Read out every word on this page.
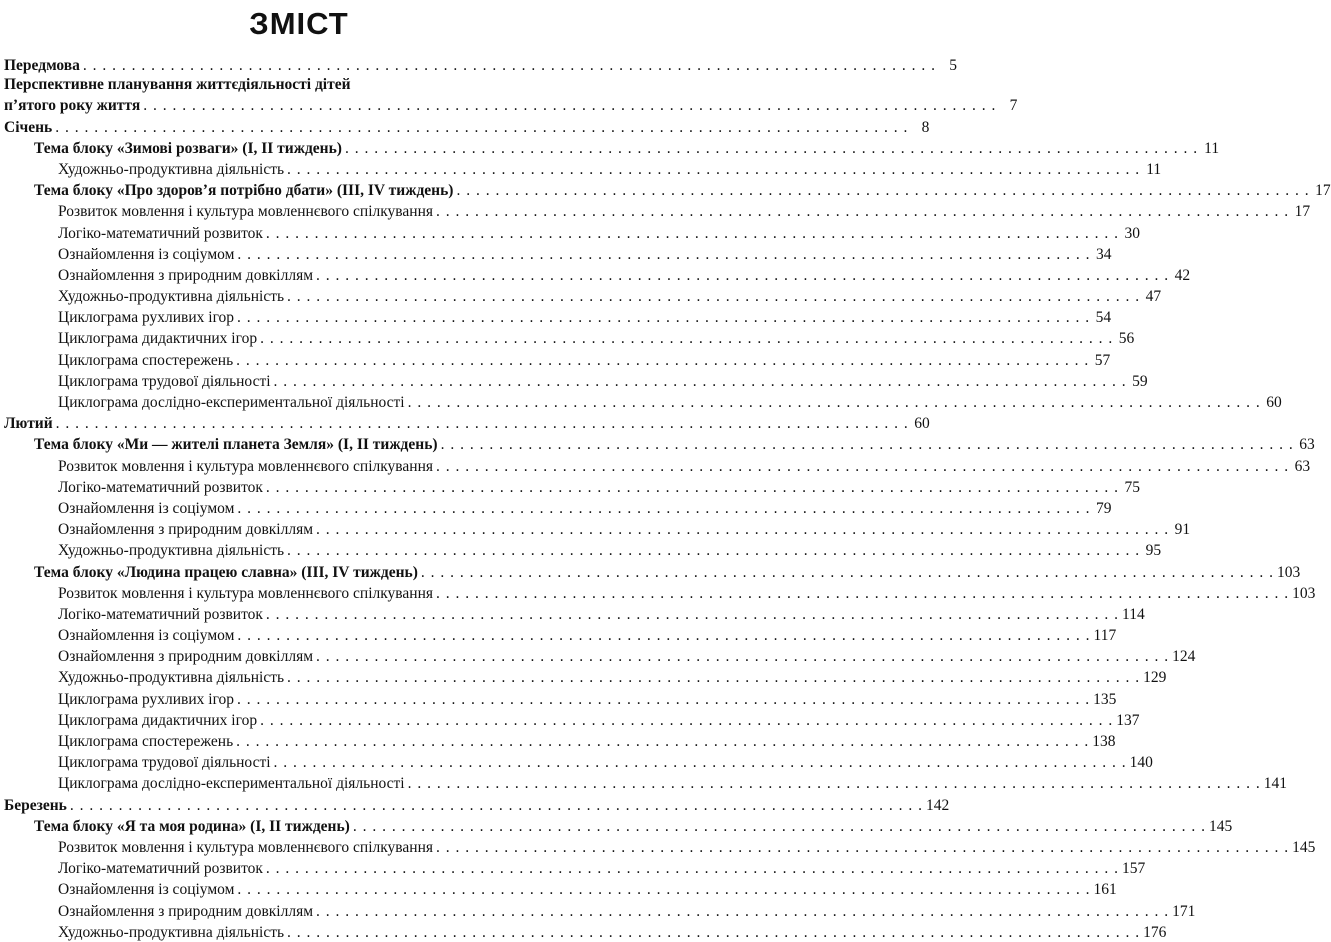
ЗМІСТ
Передмова . . .	5
Перспективне планування життєдіяльності дітей
п’ятого року життя . . .	7
Січень . . .	8
Тема блоку «Зимові розваги» (І, ІІ тиждень) . . .	11
Художньо-продуктивна діяльність . . .	11
Тема блоку «Про здоров’я потрібно дбати» (ІІІ, IV тиждень) . . .	17
Розвиток мовлення і культура мовленнєвого спілкування . . .	17
Логіко-математичний розвиток . . .	30
Ознайомлення із соціумом . . .	34
Ознайомлення з природним довкіллям . . .	42
Художньо-продуктивна діяльність . . .	47
Циклограма рухливих ігор . . .	54
Циклограма дидактичних ігор . . .	56
Циклограма спостережень . . .	57
Циклограма трудової діяльності . . .	59
Циклограма дослідно-експериментальної діяльності . . .	60
Лютий . . .	60
Тема блоку «Ми — жителі планета Земля» (І, ІІ тиждень) . . .	63
Розвиток мовлення і культура мовленнєвого спілкування . . .	63
Логіко-математичний розвиток . . .	75
Ознайомлення із соціумом . . .	79
Ознайомлення з природним довкіллям . . .	91
Художньо-продуктивна діяльність . . .	95
Тема блоку «Людина працею славна» (ІІІ, IV тиждень) . . .	103
Розвиток мовлення і культура мовленнєвого спілкування . . .	103
Логіко-математичний розвиток . . .	114
Ознайомлення із соціумом . . .	117
Ознайомлення з природним довкіллям . . .	124
Художньо-продуктивна діяльність . . .	129
Циклограма рухливих ігор . . .	135
Циклограма дидактичних ігор . . .	137
Циклограма спостережень . . .	138
Циклограма трудової діяльності . . .	140
Циклограма дослідно-експериментальної діяльності . . .	141
Березень . . .	142
Тема блоку «Я та моя родина» (І, ІІ тиждень) . . .	145
Розвиток мовлення і культура мовленнєвого спілкування . . .	145
Логіко-математичний розвиток . . .	157
Ознайомлення із соціумом . . .	161
Ознайомлення з природним довкіллям . . .	171
Художньо-продуктивна діяльність . . .	176
